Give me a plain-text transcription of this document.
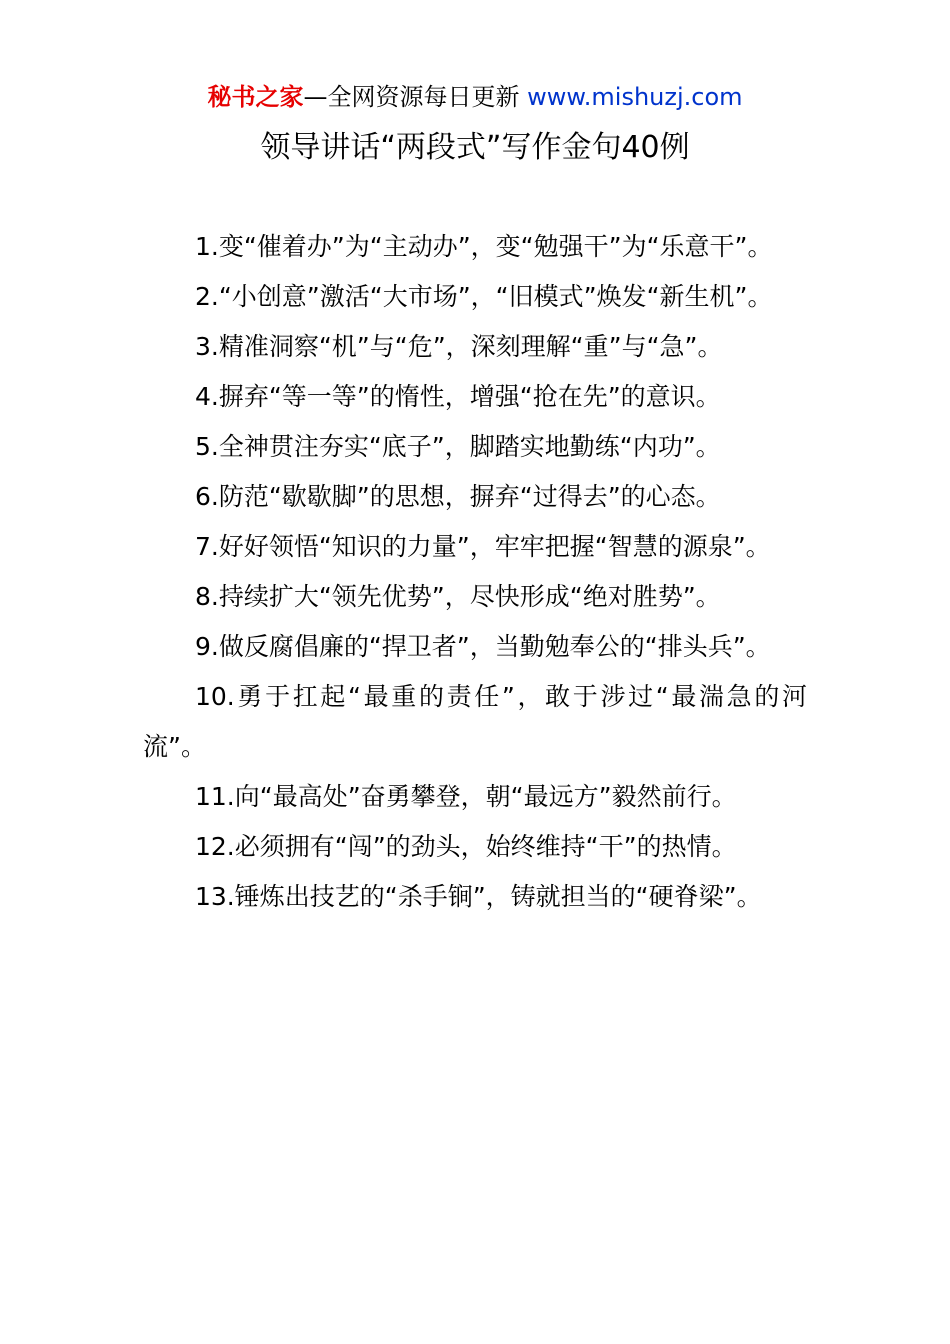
秘书之家—全网资源每日更新 www.mishuzj.com
领导讲话“两段式”写作金句40例

1.变“催着办”为“主动办”，变“勉强干”为“乐意干”。

2.“小创意”激活“大市场”，“旧模式”焕发“新生机”。

3.精准洞察“机”与“危”，深刻理解“重”与“急”。

4.摒弃“等一等”的惰性，增强“抢在先”的意识。

5.全神贯注夯实“底子”，脚踏实地勤练“内功”。

6.防范“歇歇脚”的思想，摒弃“过得去”的心态。

7.好好领悟“知识的力量”，牢牢把握“智慧的源泉”。

8.持续扩大“领先优势”，尽快形成“绝对胜势”。

9.做反腐倡廉的“捍卫者”，当勤勉奉公的“排头兵”。

10.勇于扛起“最重的责任”，敢于涉过“最湍急的河流”。

11.向“最高处”奋勇攀登，朝“最远方”毅然前行。

12.必须拥有“闯”的劲头，始终维持“干”的热情。

13.锤炼出技艺的“杀手锏”，铸就担当的“硬脊梁”。
